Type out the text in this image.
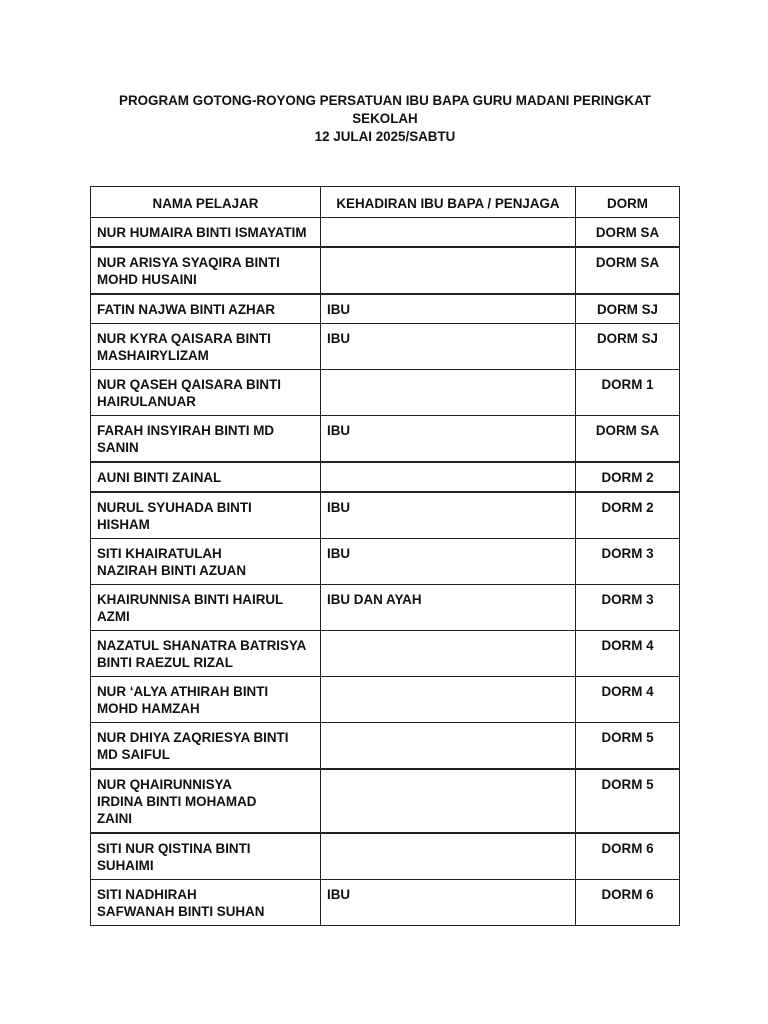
PROGRAM GOTONG-ROYONG PERSATUAN IBU BAPA GURU MADANI PERINGKAT
SEKOLAH
12 JULAI 2025/SABTU
NAMA PELAJAR	KEHADIRAN IBU BAPA / PENJAGA	DORM
NUR HUMAIRA BINTI ISMAYATIM		DORM SA
NUR ARISYA SYAQIRA BINTI
MOHD HUSAINI		DORM SA
FATIN NAJWA BINTI AZHAR	IBU	DORM SJ
NUR KYRA QAISARA BINTI
MASHAIRYLIZAM	IBU	DORM SJ
NUR QASEH QAISARA BINTI
HAIRULANUAR		DORM 1
FARAH INSYIRAH BINTI MD
SANIN	IBU	DORM SA
AUNI BINTI ZAINAL		DORM 2
NURUL SYUHADA BINTI
HISHAM	IBU	DORM 2
SITI KHAIRATULAH
NAZIRAH BINTI AZUAN	IBU	DORM 3
KHAIRUNNISA BINTI HAIRUL
AZMI	IBU DAN AYAH	DORM 3
NAZATUL SHANATRA BATRISYA
BINTI RAEZUL RIZAL		DORM 4
NUR ‘ALYA ATHIRAH BINTI
MOHD HAMZAH		DORM 4
NUR DHIYA ZAQRIESYA BINTI
MD SAIFUL		DORM 5
NUR QHAIRUNNISYA
IRDINA BINTI MOHAMAD
ZAINI		DORM 5
SITI NUR QISTINA BINTI
SUHAIMI		DORM 6
SITI NADHIRAH
SAFWANAH BINTI SUHAN	IBU	DORM 6
